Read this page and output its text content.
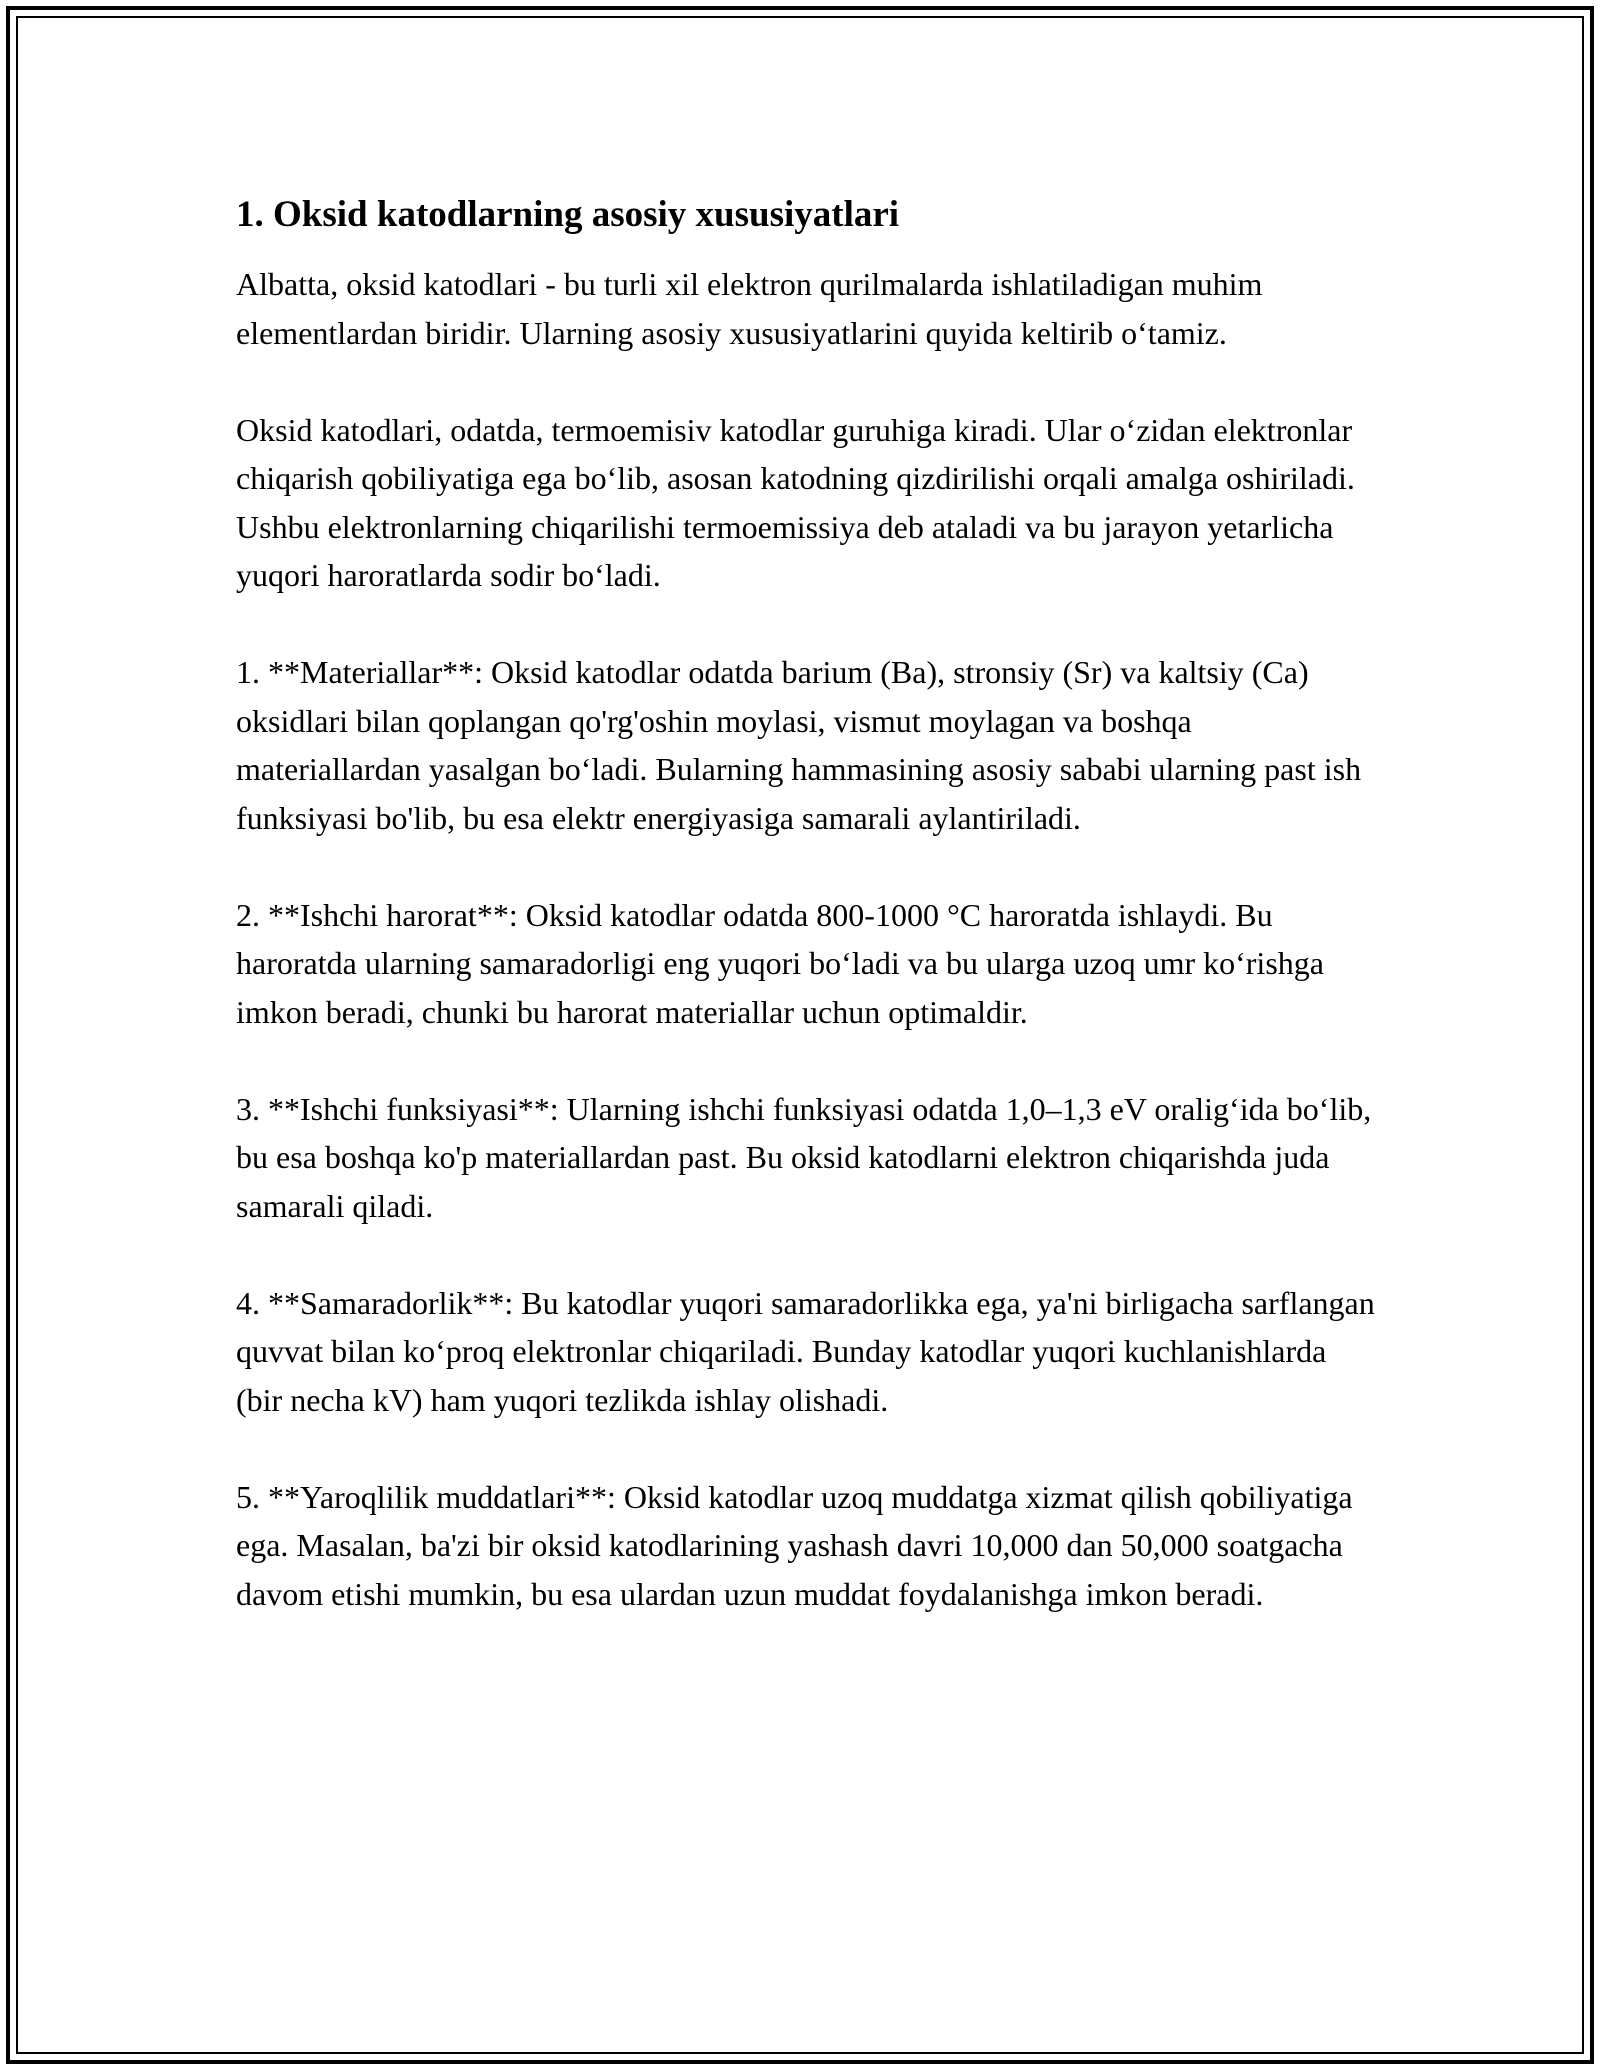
1. Oksid katodlarning asosiy xususiyatlari

Albatta, oksid katodlari - bu turli xil elektron qurilmalarda ishlatiladigan muhim elementlardan biridir. Ularning asosiy xususiyatlarini quyida keltirib o‘tamiz.

Oksid katodlari, odatda, termoemisiv katodlar guruhiga kiradi. Ular o‘zidan elektronlar chiqarish qobiliyatiga ega bo‘lib, asosan katodning qizdirilishi orqali amalga oshiriladi. Ushbu elektronlarning chiqarilishi termoemissiya deb ataladi va bu jarayon yetarlicha yuqori haroratlarda sodir bo‘ladi.

1. **Materiallar**: Oksid katodlar odatda barium (Ba), stronsiy (Sr) va kaltsiy (Ca) oksidlari bilan qoplangan qo'rg'oshin moylasi, vismut moylagan va boshqa materiallardan yasalgan bo‘ladi. Bularning hammasining asosiy sababi ularning past ish funksiyasi bo'lib, bu esa elektr energiyasiga samarali aylantiriladi.

2. **Ishchi harorat**: Oksid katodlar odatda 800-1000 °C haroratda ishlaydi. Bu haroratda ularning samaradorligi eng yuqori bo‘ladi va bu ularga uzoq umr ko‘rishga imkon beradi, chunki bu harorat materiallar uchun optimaldir.

3. **Ishchi funksiyasi**: Ularning ishchi funksiyasi odatda 1,0–1,3 eV oralig‘ida bo‘lib, bu esa boshqa ko'p materiallardan past. Bu oksid katodlarni elektron chiqarishda juda samarali qiladi.

4. **Samaradorlik**: Bu katodlar yuqori samaradorlikka ega, ya'ni birligacha sarflangan quvvat bilan ko‘proq elektronlar chiqariladi. Bunday katodlar yuqori kuchlanishlarda (bir necha kV) ham yuqori tezlikda ishlay olishadi.

5. **Yaroqlilik muddatlari**: Oksid katodlar uzoq muddatga xizmat qilish qobiliyatiga ega. Masalan, ba'zi bir oksid katodlarining yashash davri 10,000 dan 50,000 soatgacha davom etishi mumkin, bu esa ulardan uzun muddat foydalanishga imkon beradi.
